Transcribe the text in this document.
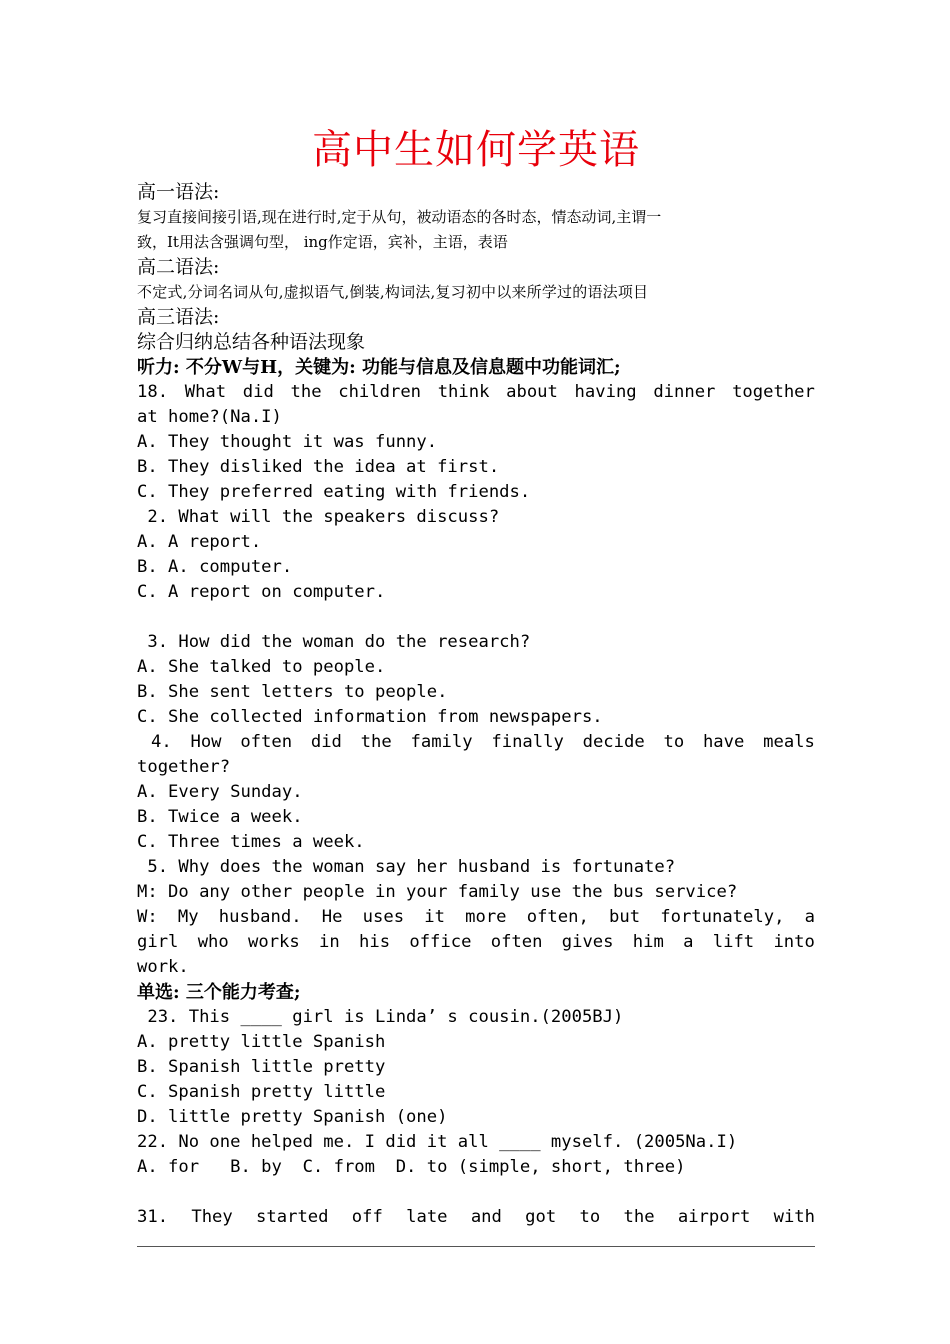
高中生如何学英语
高一语法:
复习直接间接引语,现在进行时,定于从句，被动语态的各时态，情态动词,主谓一
致，It用法含强调句型， ing作定语，宾补，主语，表语
高二语法:
不定式,分词名词从句,虚拟语气,倒装,构词法,复习初中以来所学过的语法项目
高三语法:
综合归纳总结各种语法现象
听力: 不分W与H，关键为: 功能与信息及信息题中功能词汇;
18. What did the children think about having dinner together
at home?(Na.I)
A. They thought it was funny.
B. They disliked the idea at first.
C. They preferred eating with friends.
2. What will the speakers discuss?
A. A report.
B. A. computer.
C. A report on computer.
3. How did the woman do the research?
A. She talked to people.
B. She sent letters to people.
C. She collected information from newspapers.
4. How often did the family finally decide to have meals
together?
A. Every Sunday.
B. Twice a week.
C. Three times a week.
5. Why does the woman say her husband is fortunate?
M: Do any other people in your family use the bus service?
W: My husband. He uses it more often, but fortunately, a
girl who works in his office often gives him a lift into
work.
单选: 三个能力考查;
23. This ____ girl is Linda’ s cousin.(2005BJ)
A. pretty little Spanish
B. Spanish little pretty
C. Spanish pretty little
D. little pretty Spanish (one)
22. No one helped me. I did it all ____ myself. (2005Na.I)
A. for   B. by  C. from  D. to (simple, short, three)
31. They started off late and got to the airport with
